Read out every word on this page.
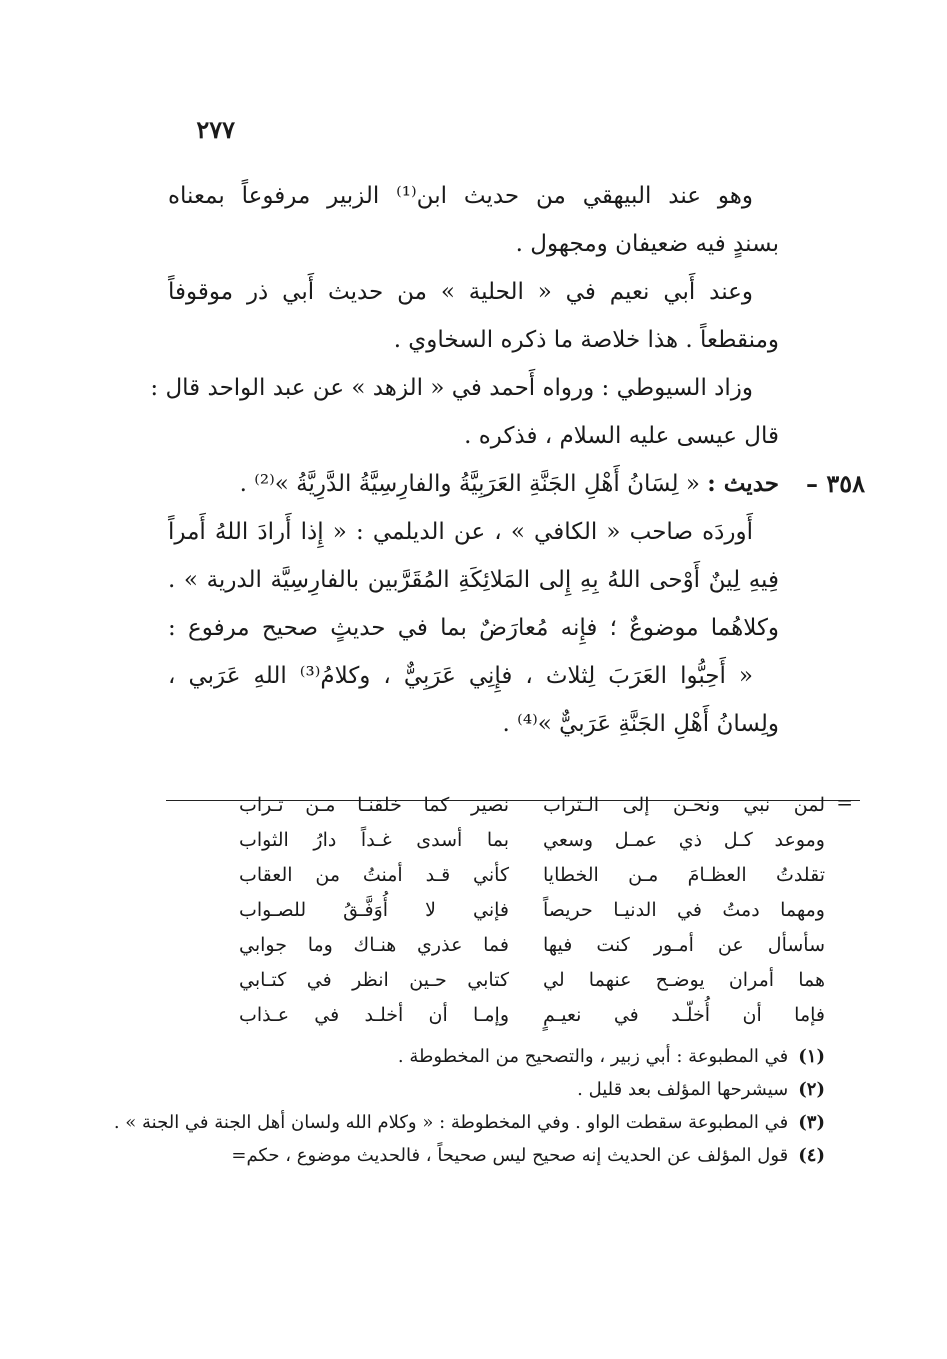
٢٧٧
وهو عند البيهقي من حديث ابن⁽¹⁾ الزبير مرفوعاً بمعناه
بسندٍ فيه ضعيفان ومجهول .
وعند أَبي نعيم في « الحلية » من حديث أَبي ذر موقوفاً
ومنقطعاً . هذا خلاصة ما ذكره السخاوي .
وزاد السيوطي : ورواه أَحمد في « الزهد » عن عبد الواحد قال :
قال عيسى عليه السلام ، فذكره .
٣٥٨ –
حديث : « لِسَانُ أَهْلِ الجَنَّةِ العَرَبِيَّةُ والفارِسِيَّةُ الدَّرِيَّةُ »⁽²⁾ .
أَوردَه صاحب « الكافي » ، عن الديلمي : « إِذا أَرادَ اللهُ أَمراً
فِيهِ لِينٌ أَوْحى اللهُ بِهِ إِلى المَلائِكَةِ المُقَرَّبين بالفارِسِيَّة الدرية » .
وكلاهُما موضوعٌ ؛ فإِنه مُعارَضٌ بما في حديثٍ صحيح مرفوع :
« أَحِبُّوا العَرَبَ لِثلاث ، فإِنِي عَرَبِيٌّ ، وكلامُ⁽³⁾ اللهِ عَرَبي ،
ولِسانُ أَهْلِ الجَنَّةِ عَرَبيٌّ »⁽⁴⁾ .
=
لمن نبي ونحـن إلى الـتراب
نصير كما خلقنـا مـن تـراب
وموعد كـل ذي عمـل وسعي
بما أسدى غـداً دارُ الثواب
تقلدتُ العظـامَ مـن الخطايا
كأني قـد أمنتُ من العقاب
ومهما دمتُ في الدنيـا حريصاً
فإني لا أُوَفَّـقُ للصـواب
سأسأل عن أمـور كنت فيها
فما عذري هنـاك وما جوابي
هما أمران يوضـح عنهما لي
كتابي حـين انظر في كتـابي
فإما أن أُخلّـد في نعيـمٍ
وإمـا أن أخلـد في عـذاب
(١)في المطبوعة : أبي زبير ، والتصحيح من المخطوطة .
(٢)سيشرحها المؤلف بعد قليل .
(٣)في المطبوعة سقطت الواو . وفي المخطوطة : « وكلام الله ولسان أهل الجنة في الجنة » .
(٤)قول المؤلف عن الحديث إنه صحيح ليس صحيحاً ، فالحديث موضوع ، حكم=
